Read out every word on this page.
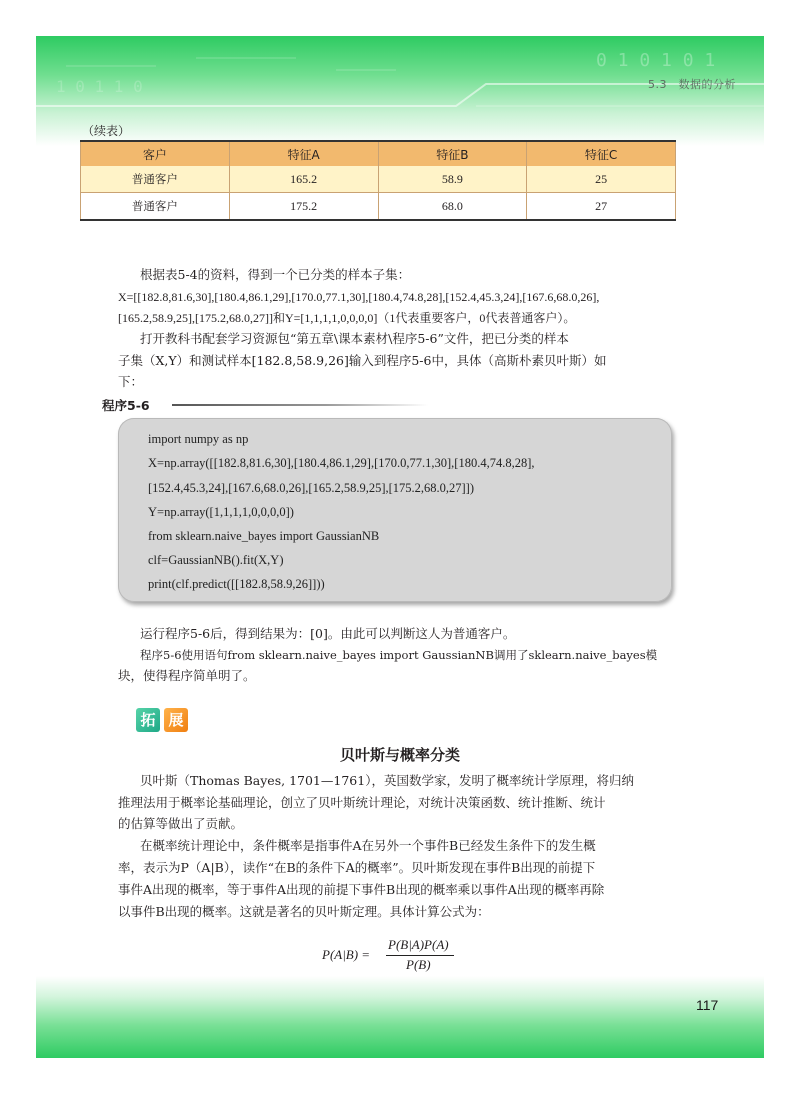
0 1 0 1 0 1
1 0 1 1 0	5.3　数据的分析
117
（续表）
客户	特征A	特征B	特征C
普通客户	165.2	58.9	25
普通客户	175.2	68.0	27
根据表5-4的资料，得到一个已分类的样本子集：
X=[[182.8,81.6,30],[180.4,86.1,29],[170.0,77.1,30],[180.4,74.8,28],[152.4,45.3,24],[167.6,68.0,26],
[165.2,58.9,25],[175.2,68.0,27]]和Y=[1,1,1,1,0,0,0,0]（1代表重要客户，0代表普通客户）。
打开教科书配套学习资源包“第五章\课本素材\程序5-6”文件，把已分类的样本
子集（X,Y）和测试样本[182.8,58.9,26]输入到程序5-6中，具体（高斯朴素贝叶斯）如
下：
程序5-6
import numpy as np
X=np.array([[182.8,81.6,30],[180.4,86.1,29],[170.0,77.1,30],[180.4,74.8,28],
[152.4,45.3,24],[167.6,68.0,26],[165.2,58.9,25],[175.2,68.0,27]])
Y=np.array([1,1,1,1,0,0,0,0])
from sklearn.naive_bayes import GaussianNB
clf=GaussianNB().fit(X,Y)
print(clf.predict([[182.8,58.9,26]]))
运行程序5-6后，得到结果为：[0]。由此可以判断这人为普通客户。
程序5-6使用语句from sklearn.naive_bayes import GaussianNB调用了sklearn.naive_bayes模
块，使得程序简单明了。
拓 展
贝叶斯与概率分类
贝叶斯（Thomas Bayes, 1701—1761），英国数学家，发明了概率统计学原理，将归纳
推理法用于概率论基础理论，创立了贝叶斯统计理论，对统计决策函数、统计推断、统计
的估算等做出了贡献。
在概率统计理论中，条件概率是指事件A在另外一个事件B已经发生条件下的发生概
率，表示为P（A|B），读作“在B的条件下A的概率”。贝叶斯发现在事件B出现的前提下
事件A出现的概率，等于事件A出现的前提下事件B出现的概率乘以事件A出现的概率再除
以事件B出现的概率。这就是著名的贝叶斯定理。具体计算公式为：
P(A|B) =
P(B|A)P(A)
P(B)
